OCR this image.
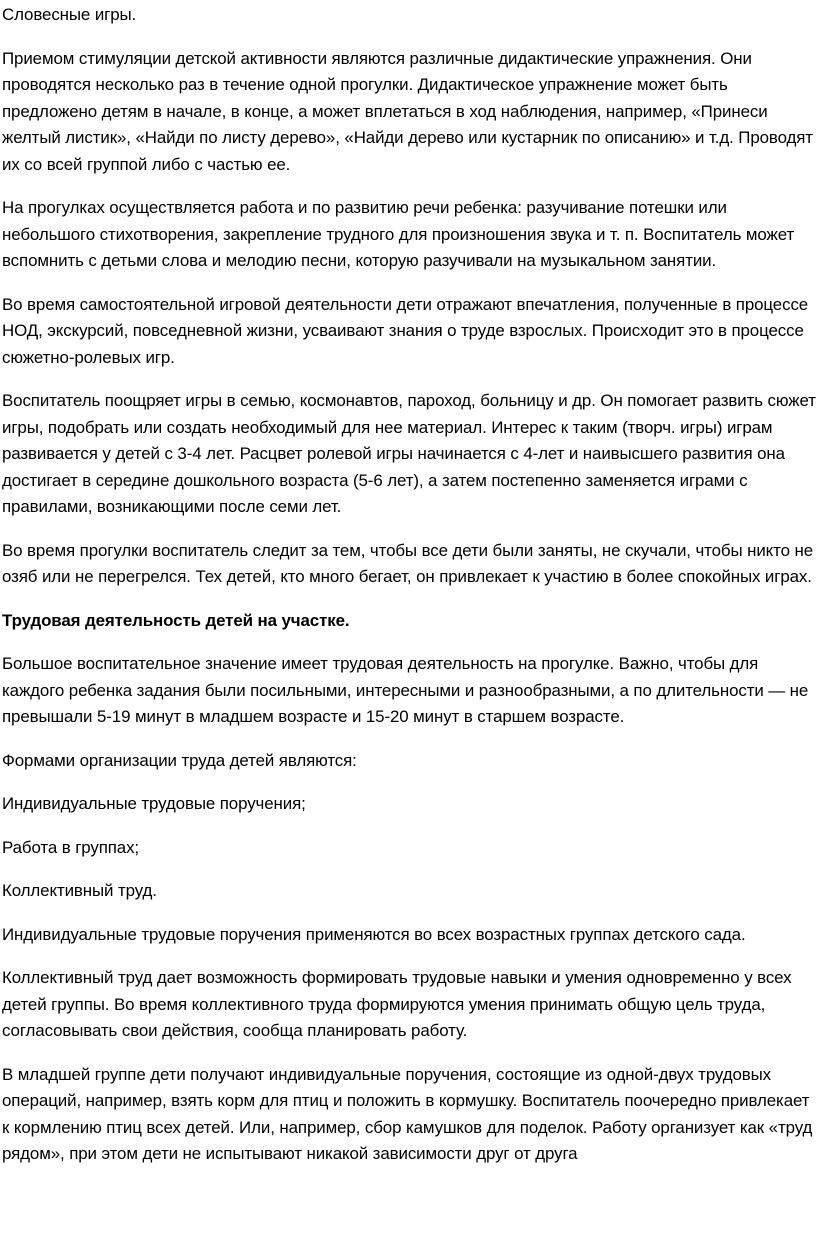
Словесные игры.

Приемом стимуляции детской активности являются различные дидактические упражнения. Они проводятся несколько раз в течение одной прогулки. Дидактическое упражнение может быть предложено детям в начале, в конце, а может вплетаться в ход наблюдения, например, «Принеси желтый листик», «Найди по листу дерево», «Найди дерево или кустарник по описанию» и т.д. Проводят их со всей группой либо с частью ее.

На прогулках осуществляется работа и по развитию речи ребенка: разучивание потешки или небольшого стихотворения, закрепление трудного для произношения звука и т. п. Воспитатель может вспомнить с детьми слова и мелодию песни, которую разучивали на музыкальном занятии.

Во время самостоятельной игровой деятельности дети отражают впечатления, полученные в процессе НОД, экскурсий, повседневной жизни, усваивают знания о труде взрослых. Происходит это в процессе сюжетно-ролевых игр.

Воспитатель поощряет игры в семью, космонавтов, пароход, больницу и др. Он помогает развить сюжет игры, подобрать или создать необходимый для нее материал. Интерес к таким (творч. игры) играм развивается у детей с 3-4 лет. Расцвет ролевой игры начинается с 4-лет и наивысшего развития она достигает в середине дошкольного возраста (5-6 лет), а затем постепенно заменяется играми с правилами, возникающими после семи лет.

Во время прогулки воспитатель следит за тем, чтобы все дети были заняты, не скучали, чтобы никто не озяб или не перегрелся. Тех детей, кто много бегает, он привлекает к участию в более спокойных играх.

Трудовая деятельность детей на участке.

Большое воспитательное значение имеет трудовая деятельность на прогулке. Важно, чтобы для каждого ребенка задания были посильными, интересными и разнообразными, а по длительности — не превышали 5-19 минут в младшем возрасте и 15-20 минут в старшем возрасте.

Формами организации труда детей являются:

Индивидуальные трудовые поручения;

Работа в группах;

Коллективный труд.

Индивидуальные трудовые поручения применяются во всех возрастных группах детского сада.

Коллективный труд дает возможность формировать трудовые навыки и умения одновременно у всех детей группы. Во время коллективного труда формируются умения принимать общую цель труда, согласовывать свои действия, сообща планировать работу.

В младшей группе дети получают индивидуальные поручения, состоящие из одной-двух трудовых операций, например, взять корм для птиц и положить в кормушку. Воспитатель поочередно привлекает к кормлению птиц всех детей. Или, например, сбор камушков для поделок. Работу организует как «труд рядом», при этом дети не испытывают никакой зависимости друг от друга
